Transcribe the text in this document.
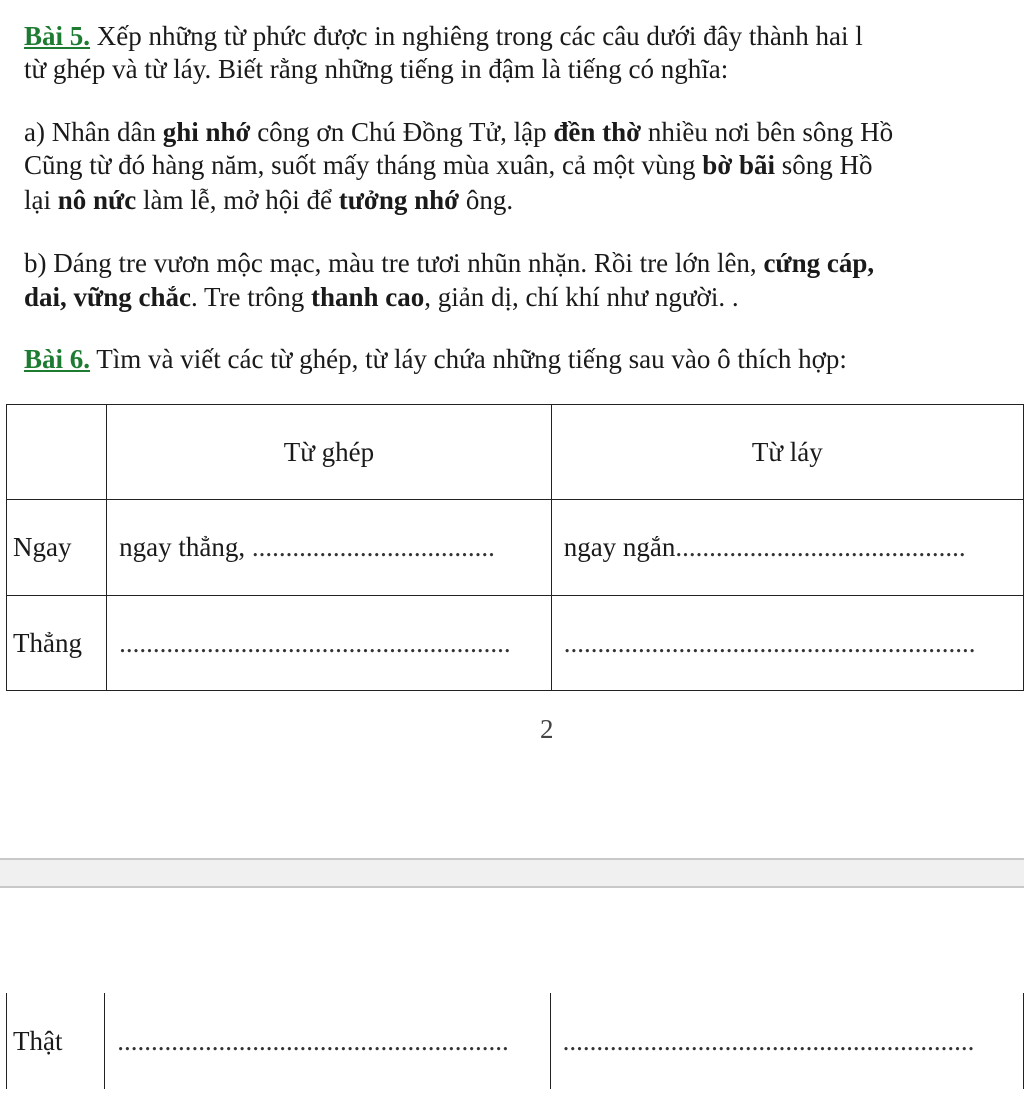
Bài 5. Xếp những từ phức được in nghiêng trong các câu dưới đây thành hai l
từ ghép và từ láy. Biết rằng những tiếng in đậm là tiếng có nghĩa:
a) Nhân dân ghi nhớ công ơn Chú Đồng Tử, lập đền thờ nhiều nơi bên sông Hồ
Cũng từ đó hàng năm, suốt mấy tháng mùa xuân, cả một vùng bờ bãi sông Hồ
lại nô nức làm lễ, mở hội để tưởng nhớ ông.
b) Dáng tre vươn mộc mạc, màu tre tươi nhũn nhặn. Rồi tre lớn lên, cứng cáp,
dai, vững chắc. Tre trông thanh cao, giản dị, chí khí như người. .
Bài 6. Tìm và viết các từ ghép, từ láy chứa những tiếng sau vào ô thích hợp:
	Từ ghép	Từ láy
Ngay	ngay thẳng, ....................................	ngay ngắn...........................................
Thẳng	..........................................................	.............................................................
2
Thật	..........................................................	.............................................................
